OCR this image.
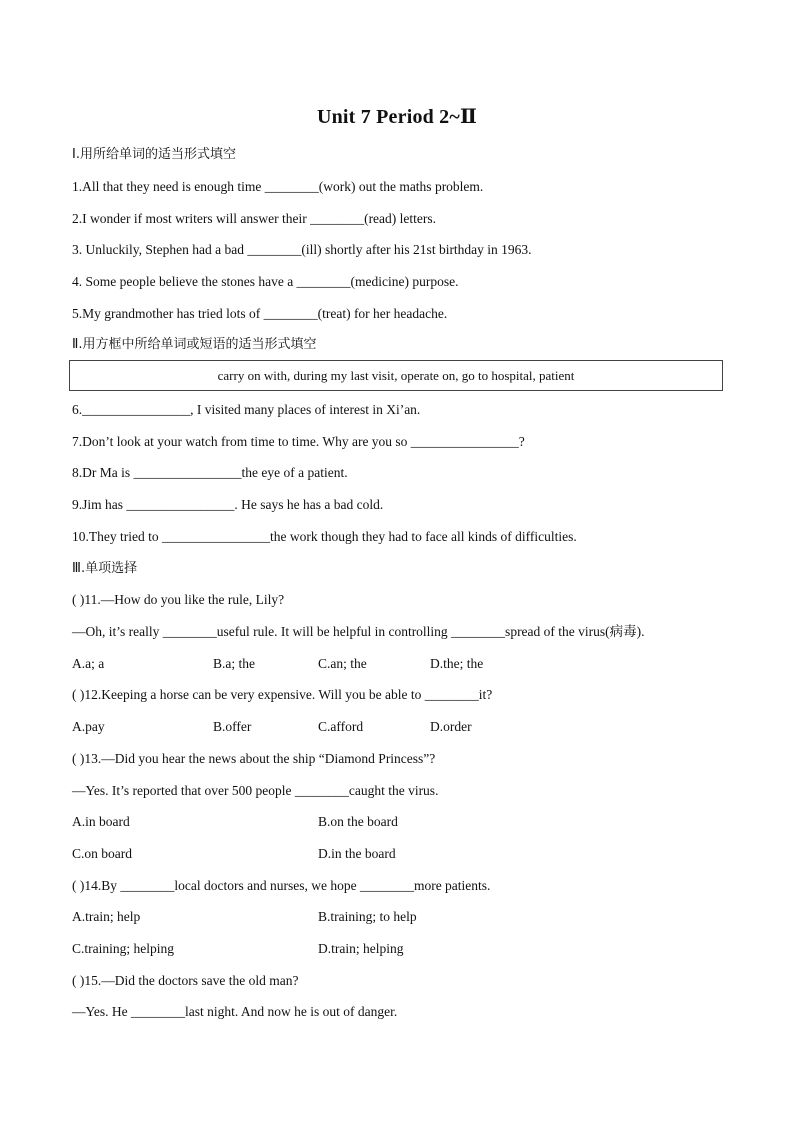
Unit 7 Period 2~Ⅱ
Ⅰ.用所给单词的适当形式填空
1.All that they need is enough time ________(work) out the maths problem.
2.I wonder if most writers will answer their ________(read) letters.
3. Unluckily, Stephen had a bad ________(ill) shortly after his 21st birthday in 1963.
4. Some people believe the stones have a ________(medicine) purpose.
5.My grandmother has tried lots of ________(treat) for her headache.
Ⅱ.用方框中所给单词或短语的适当形式填空
carry on with, during my last visit, operate on, go to hospital, patient
6.________________, I visited many places of interest in Xi’an.
7.Don’t look at your watch from time to time. Why are you so ________________?
8.Dr Ma is ________________the eye of a patient.
9.Jim has ________________. He says he has a bad cold.
10.They tried to ________________the work though they had to face all kinds of difficulties.
Ⅲ.单项选择
( )11.—How do you like the rule, Lily?
—Oh, it’s really ________useful rule. It will be helpful in controlling ________spread of the virus(病毒).
A.a; a	B.a; the	C.an; the	D.the; the
( )12.Keeping a horse can be very expensive. Will you be able to ________it?
A.pay	B.offer	C.afford	D.order
( )13.—Did you hear the news about the ship “Diamond Princess”?
—Yes. It’s reported that over 500 people ________caught the virus.
A.in board	B.on the board
C.on board	D.in the board
( )14.By ________local doctors and nurses, we hope ________more patients.
A.train; help	B.training; to help
C.training; helping	D.train; helping
( )15.—Did the doctors save the old man?
—Yes. He ________last night. And now he is out of danger.
